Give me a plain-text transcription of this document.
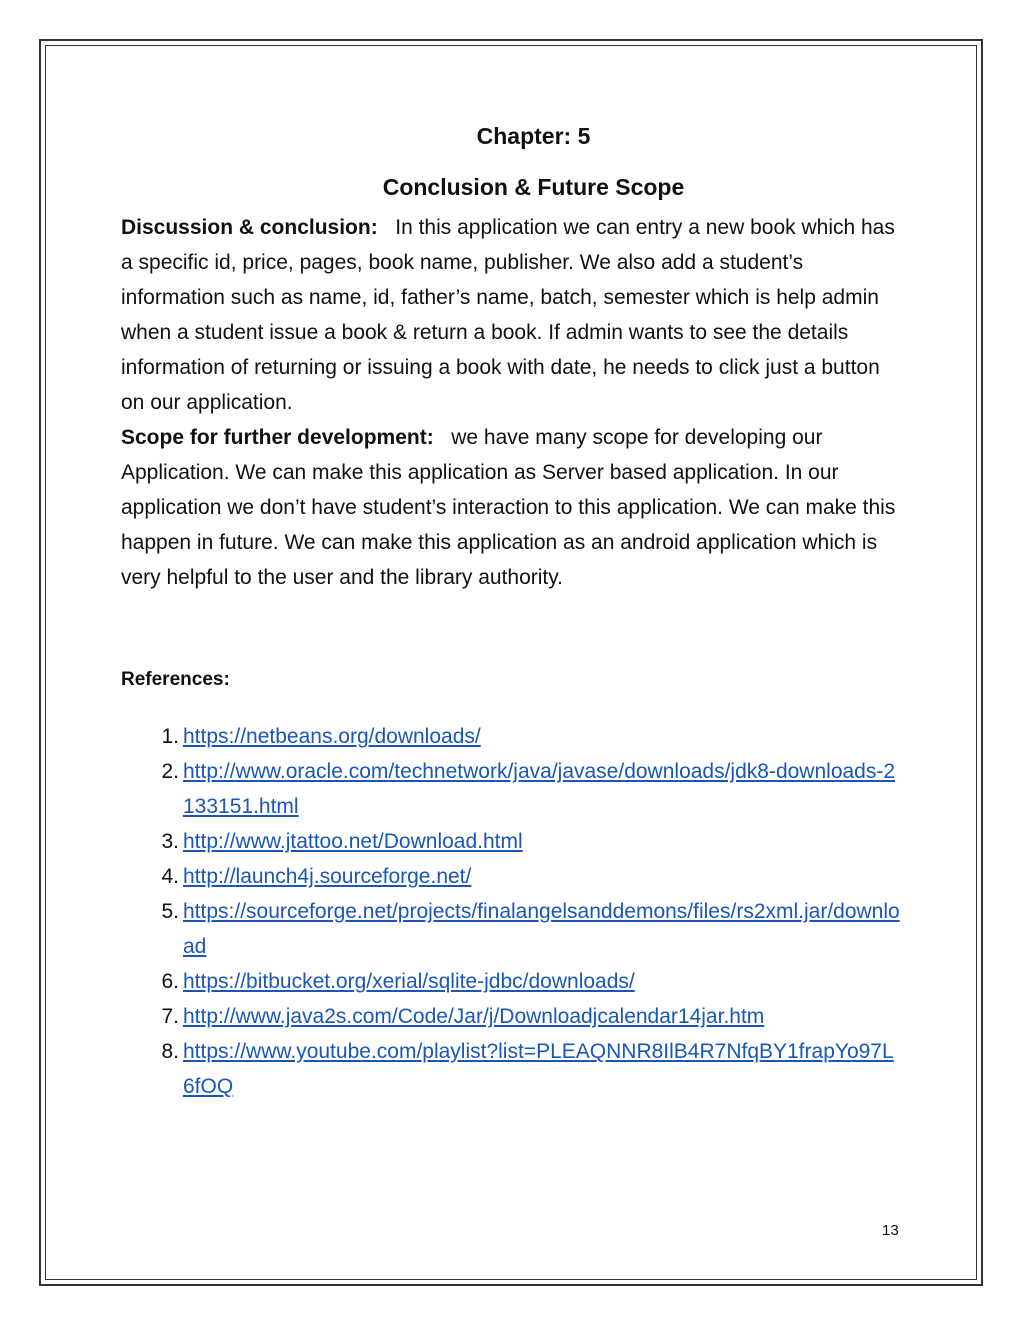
Chapter: 5
Conclusion & Future Scope

Discussion & conclusion: In this application we can entry a new book which has a specific id, price, pages, book name, publisher. We also add a student’s information such as name, id, father’s name, batch, semester which is help admin when a student issue a book & return a book. If admin wants to see the details information of returning or issuing a book with date, he needs to click just a button on our application.

Scope for further development: we have many scope for developing our Application. We can make this application as Server based application. In our application we don’t have student’s interaction to this application. We can make this happen in future. We can make this application as an android application which is very helpful to the user and the library authority.

References:
1. https://netbeans.org/downloads/
2. http://www.oracle.com/technetwork/java/javase/downloads/jdk8-downloads-2133151.html
3. http://www.jtattoo.net/Download.html
4. http://launch4j.sourceforge.net/
5. https://sourceforge.net/projects/finalangelsanddemons/files/rs2xml.jar/download
6. https://bitbucket.org/xerial/sqlite-jdbc/downloads/
7. http://www.java2s.com/Code/Jar/j/Downloadjcalendar14jar.htm
8. https://www.youtube.com/playlist?list=PLEAQNNR8IlB4R7NfqBY1frapYo97L6fOQ
13
